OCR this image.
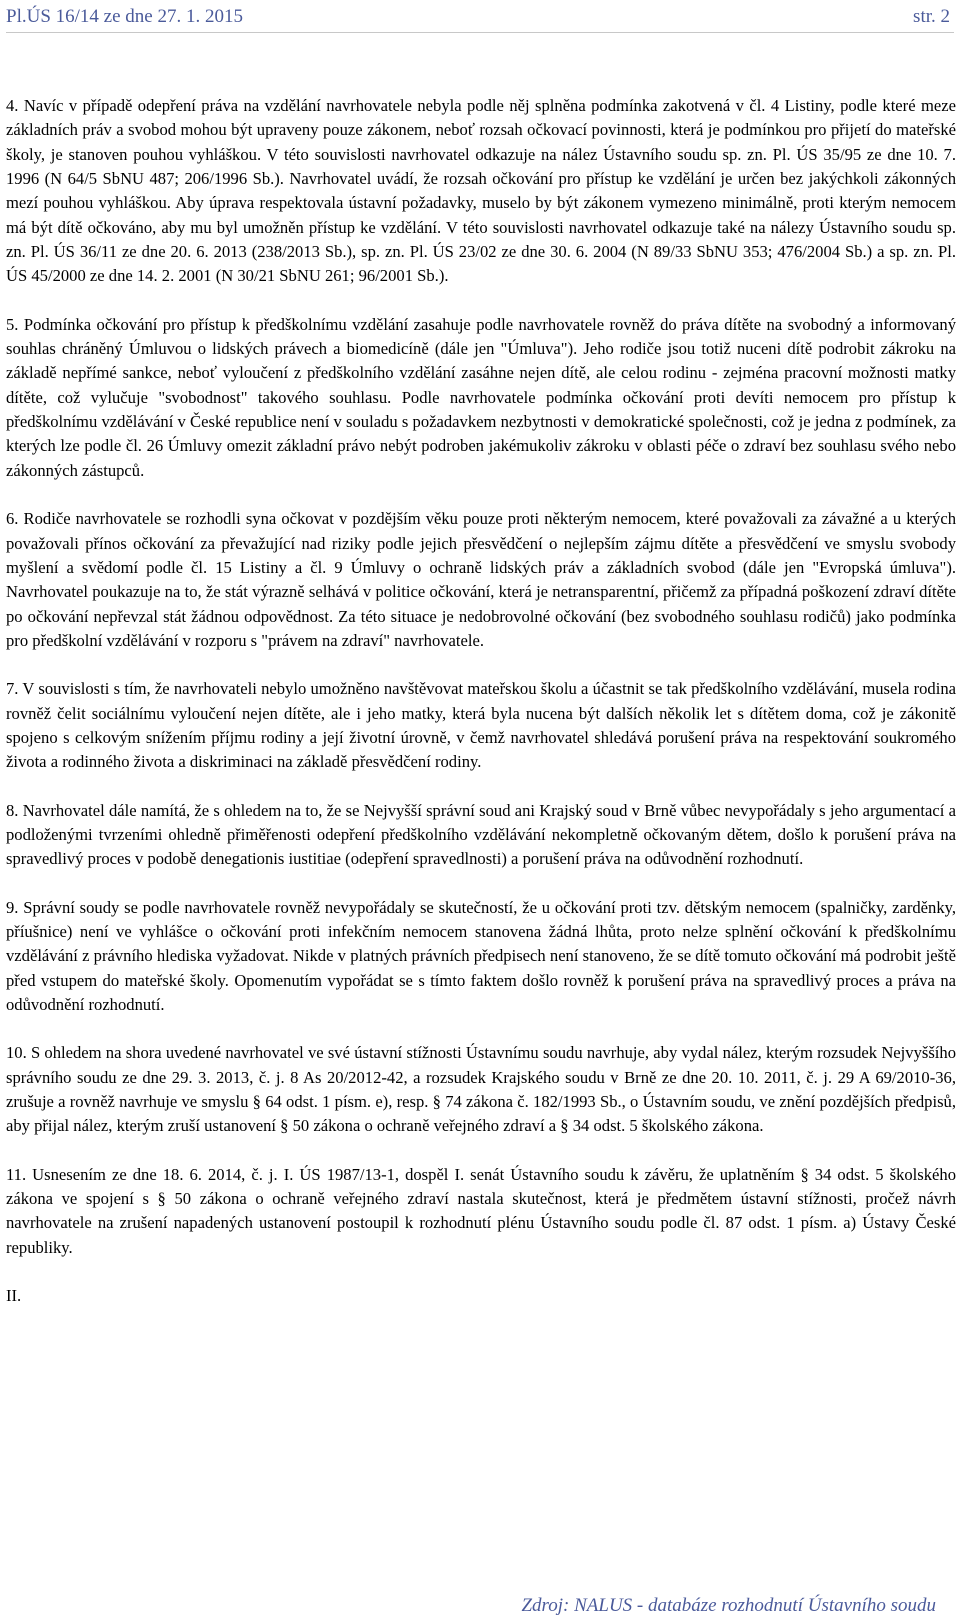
Pl.ÚS 16/14 ze dne 27. 1. 2015	str. 2

4. Navíc v případě odepření práva na vzdělání navrhovatele nebyla podle něj splněna podmínka zakotvená v čl. 4 Listiny, podle které meze základních práv a svobod mohou být upraveny pouze zákonem, neboť rozsah očkovací povinnosti, která je podmínkou pro přijetí do mateřské školy, je stanoven pouhou vyhláškou. V této souvislosti navrhovatel odkazuje na nález Ústavního soudu sp. zn. Pl. ÚS 35/95 ze dne 10. 7. 1996 (N 64/5 SbNU 487; 206/1996 Sb.). Navrhovatel uvádí, že rozsah očkování pro přístup ke vzdělání je určen bez jakýchkoli zákonných mezí pouhou vyhláškou. Aby úprava respektovala ústavní požadavky, muselo by být zákonem vymezeno minimálně, proti kterým nemocem má být dítě očkováno, aby mu byl umožněn přístup ke vzdělání. V této souvislosti navrhovatel odkazuje také na nálezy Ústavního soudu sp. zn. Pl. ÚS 36/11 ze dne 20. 6. 2013 (238/2013 Sb.), sp. zn. Pl. ÚS 23/02 ze dne 30. 6. 2004 (N 89/33 SbNU 353; 476/2004 Sb.) a sp. zn. Pl. ÚS 45/2000 ze dne 14. 2. 2001 (N 30/21 SbNU 261; 96/2001 Sb.).

5. Podmínka očkování pro přístup k předškolnímu vzdělání zasahuje podle navrhovatele rovněž do práva dítěte na svobodný a informovaný souhlas chráněný Úmluvou o lidských právech a biomedicíně (dále jen "Úmluva"). Jeho rodiče jsou totiž nuceni dítě podrobit zákroku na základě nepřímé sankce, neboť vyloučení z předškolního vzdělání zasáhne nejen dítě, ale celou rodinu - zejména pracovní možnosti matky dítěte, což vylučuje "svobodnost" takového souhlasu. Podle navrhovatele podmínka očkování proti devíti nemocem pro přístup k předškolnímu vzdělávání v České republice není v souladu s požadavkem nezbytnosti v demokratické společnosti, což je jedna z podmínek, za kterých lze podle čl. 26 Úmluvy omezit základní právo nebýt podroben jakémukoliv zákroku v oblasti péče o zdraví bez souhlasu svého nebo zákonných zástupců.

6. Rodiče navrhovatele se rozhodli syna očkovat v pozdějším věku pouze proti některým nemocem, které považovali za závažné a u kterých považovali přínos očkování za převažující nad riziky podle jejich přesvědčení o nejlepším zájmu dítěte a přesvědčení ve smyslu svobody myšlení a svědomí podle čl. 15 Listiny a čl. 9 Úmluvy o ochraně lidských práv a základních svobod (dále jen "Evropská úmluva"). Navrhovatel poukazuje na to, že stát výrazně selhává v politice očkování, která je netransparentní, přičemž za případná poškození zdraví dítěte po očkování nepřevzal stát žádnou odpovědnost. Za této situace je nedobrovolné očkování (bez svobodného souhlasu rodičů) jako podmínka pro předškolní vzdělávání v rozporu s "právem na zdraví" navrhovatele.

7. V souvislosti s tím, že navrhovateli nebylo umožněno navštěvovat mateřskou školu a účastnit se tak předškolního vzdělávání, musela rodina rovněž čelit sociálnímu vyloučení nejen dítěte, ale i jeho matky, která byla nucena být dalších několik let s dítětem doma, což je zákonitě spojeno s celkovým snížením příjmu rodiny a její životní úrovně, v čemž navrhovatel shledává porušení práva na respektování soukromého života a rodinného života a diskriminaci na základě přesvědčení rodiny.

8. Navrhovatel dále namítá, že s ohledem na to, že se Nejvyšší správní soud ani Krajský soud v Brně vůbec nevypořádaly s jeho argumentací a podloženými tvrzeními ohledně přiměřenosti odepření předškolního vzdělávání nekompletně očkovaným dětem, došlo k porušení práva na spravedlivý proces v podobě denegationis iustitiae (odepření spravedlnosti) a porušení práva na odůvodnění rozhodnutí.

9. Správní soudy se podle navrhovatele rovněž nevypořádaly se skutečností, že u očkování proti tzv. dětským nemocem (spalničky, zarděnky, příušnice) není ve vyhlášce o očkování proti infekčním nemocem stanovena žádná lhůta, proto nelze splnění očkování k předškolnímu vzdělávání z právního hlediska vyžadovat. Nikde v platných právních předpisech není stanoveno, že se dítě tomuto očkování má podrobit ještě před vstupem do mateřské školy. Opomenutím vypořádat se s tímto faktem došlo rovněž k porušení práva na spravedlivý proces a práva na odůvodnění rozhodnutí.

10. S ohledem na shora uvedené navrhovatel ve své ústavní stížnosti Ústavnímu soudu navrhuje, aby vydal nález, kterým rozsudek Nejvyššího správního soudu ze dne 29. 3. 2013, č. j. 8 As 20/2012-42, a rozsudek Krajského soudu v Brně ze dne 20. 10. 2011, č. j. 29 A 69/2010-36, zrušuje a rovněž navrhuje ve smyslu § 64 odst. 1 písm. e), resp. § 74 zákona č. 182/1993 Sb., o Ústavním soudu, ve znění pozdějších předpisů, aby přijal nález, kterým zruší ustanovení § 50 zákona o ochraně veřejného zdraví a § 34 odst. 5 školského zákona.

11. Usnesením ze dne 18. 6. 2014, č. j. I. ÚS 1987/13-1, dospěl I. senát Ústavního soudu k závěru, že uplatněním § 34 odst. 5 školského zákona ve spojení s § 50 zákona o ochraně veřejného zdraví nastala skutečnost, která je předmětem ústavní stížnosti, pročež návrh navrhovatele na zrušení napadených ustanovení postoupil k rozhodnutí plénu Ústavního soudu podle čl. 87 odst. 1 písm. a) Ústavy České republiky.

II.

Zdroj: NALUS - databáze rozhodnutí Ústavního soudu
